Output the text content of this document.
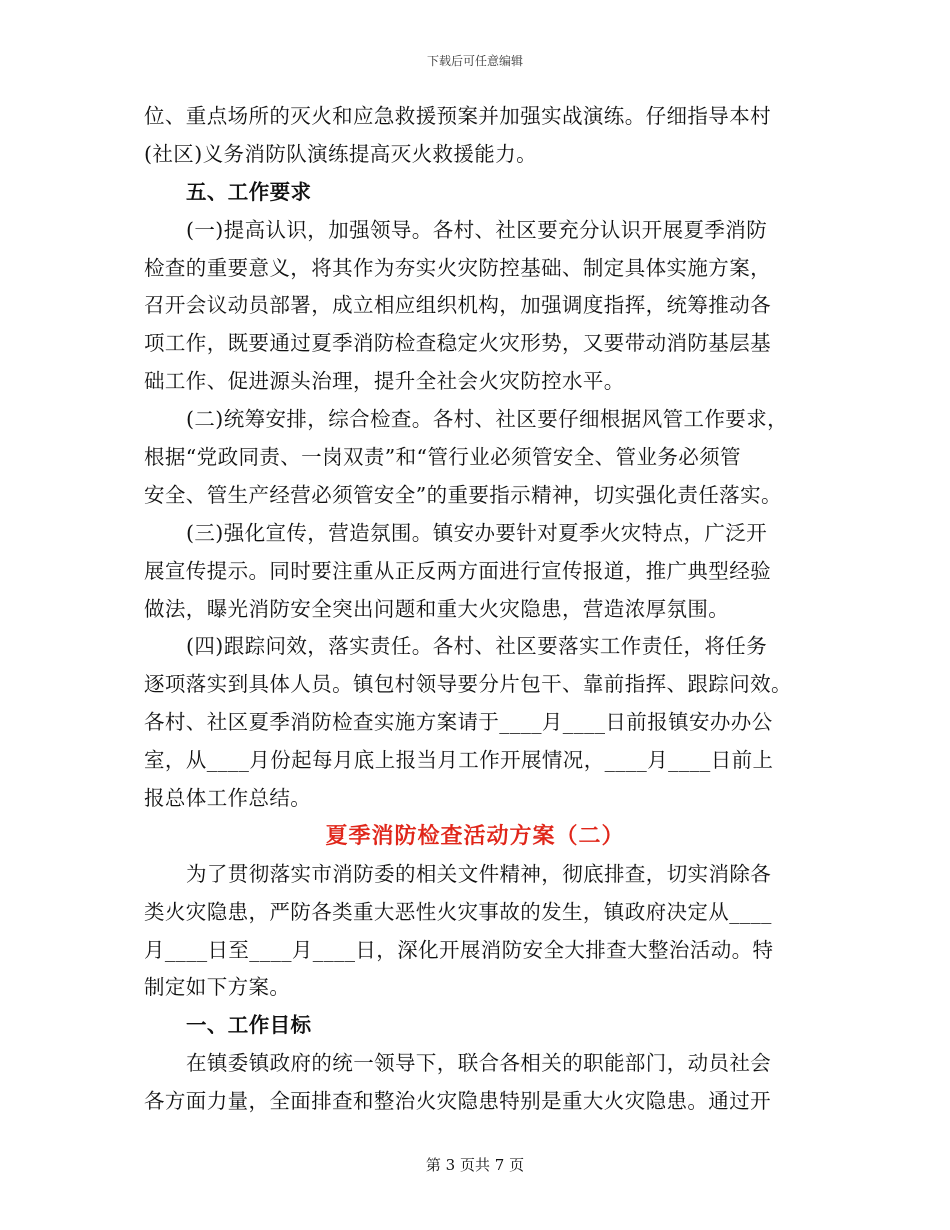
下载后可任意编辑
位、重点场所的灭火和应急救援预案并加强实战演练。仔细指导本村
(社区)义务消防队演练提高灭火救援能力。
五、工作要求
(一)提高认识，加强领导。各村、社区要充分认识开展夏季消防
检查的重要意义，将其作为夯实火灾防控基础、制定具体实施方案，
召开会议动员部署，成立相应组织机构，加强调度指挥，统筹推动各
项工作，既要通过夏季消防检查稳定火灾形势，又要带动消防基层基
础工作、促进源头治理，提升全社会火灾防控水平。
(二)统筹安排，综合检查。各村、社区要仔细根据风管工作要求，
根据“党政同责、一岗双责”和“管行业必须管安全、管业务必须管
安全、管生产经营必须管安全”的重要指示精神，切实强化责任落实。
(三)强化宣传，营造氛围。镇安办要针对夏季火灾特点，广泛开
展宣传提示。同时要注重从正反两方面进行宣传报道，推广典型经验
做法，曝光消防安全突出问题和重大火灾隐患，营造浓厚氛围。
(四)跟踪问效，落实责任。各村、社区要落实工作责任，将任务
逐项落实到具体人员。镇包村领导要分片包干、靠前指挥、跟踪问效。
各村、社区夏季消防检查实施方案请于____月____日前报镇安办办公
室，从____月份起每月底上报当月工作开展情况，____月____日前上
报总体工作总结。
夏季消防检查活动方案（二）
为了贯彻落实市消防委的相关文件精神，彻底排查，切实消除各
类火灾隐患，严防各类重大恶性火灾事故的发生，镇政府决定从____
月____日至____月____日，深化开展消防安全大排查大整治活动。特
制定如下方案。
一、工作目标
在镇委镇政府的统一领导下，联合各相关的职能部门，动员社会
各方面力量，全面排查和整治火灾隐患特别是重大火灾隐患。通过开
第 3 页共 7 页
